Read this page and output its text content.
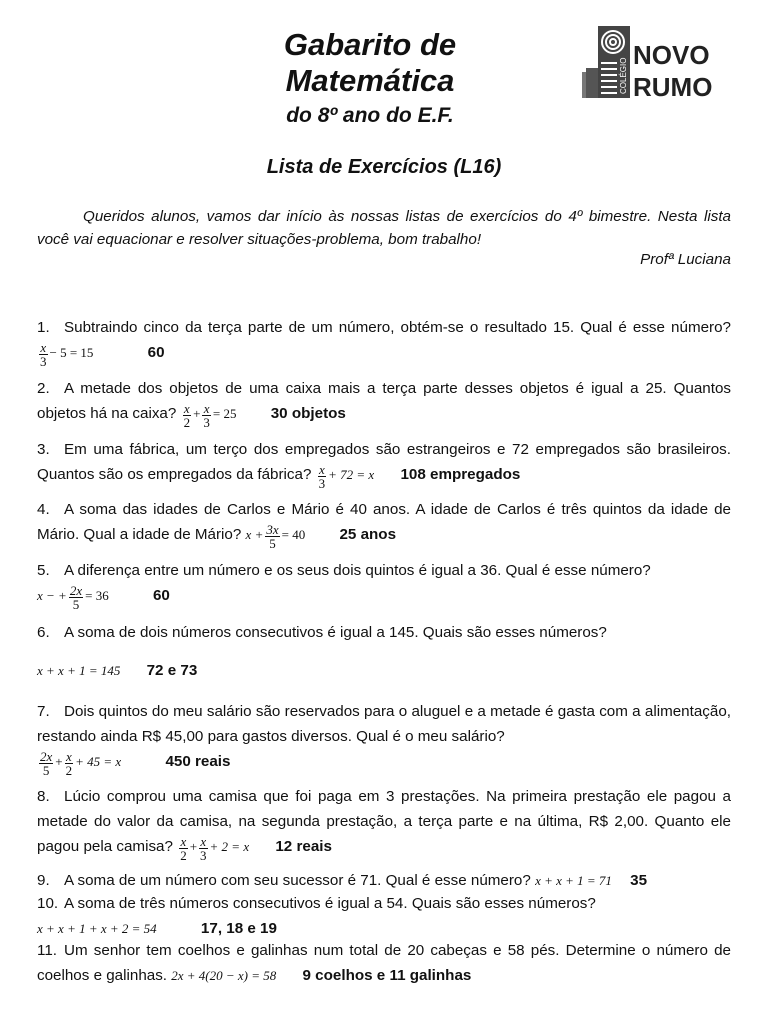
Gabarito de
Matemática
do 8º ano do E.F.
COLÉGIO
NOVO
RUMO
Lista de Exercícios (L16)
Queridos alunos, vamos dar início às nossas listas de exercícios do 4º bimestre. Nesta lista você vai equacionar e resolver situações-problema, bom trabalho!
Profª Luciana
1. Subtraindo cinco da terça parte de um número, obtém-se o resultado 15. Qual é esse número?
$\frac{x}{3} - 5 = 15$	60
2. A metade dos objetos de uma caixa mais a terça parte desses objetos é igual a 25. Quantos objetos há na caixa? $\frac{x}{2} + \frac{x}{3} = 25$ 30 objetos
3. Em uma fábrica, um terço dos empregados são estrangeiros e 72 empregados são brasileiros. Quantos são os empregados da fábrica? $\frac{x}{3} + 72 = x$ 108 empregados
4. A soma das idades de Carlos e Mário é 40 anos. A idade de Carlos é três quintos da idade de Mário. Qual a idade de Mário? $x + \frac{3x}{5} = 40$ 25 anos
5. A diferença entre um número e os seus dois quintos é igual a 36. Qual é esse número?
x − + $\frac{2x}{5} = 36$	60
6. A soma de dois números consecutivos é igual a 145. Quais são esses números?
x + x + 1 = 145 72 e 73
7. Dois quintos do meu salário são reservados para o aluguel e a metade é gasta com a alimentação, restando ainda R$ 45,00 para gastos diversos. Qual é o meu salário?

$\frac{2x}{5} + \frac{x}{2} + 45 = x$	450 reais
8. Lúcio comprou uma camisa que foi paga em 3 prestações. Na primeira prestação ele pagou a metade do valor da camisa, na segunda prestação, a terça parte e na última, R$ 2,00. Quanto ele pagou pela camisa? $\frac{x}{2} + \frac{x}{3} + 2 = x$ 12 reais
9. A soma de um número com seu sucessor é 71. Qual é esse número? x + x + 1 = 71 35
10. A soma de três números consecutivos é igual a 54. Quais são esses números?
x + x + 1 + x + 2 = 54	17, 18 e 19
11. Um senhor tem coelhos e galinhas num total de 20 cabeças e 58 pés. Determine o número de coelhos e galinhas. 2x + 4(20 − x) = 58 9 coelhos e 11 galinhas
